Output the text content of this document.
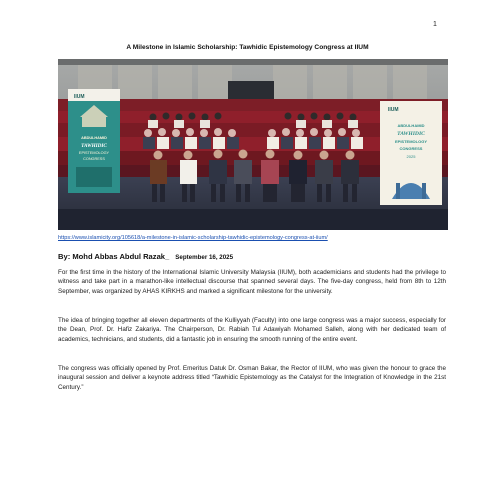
1
A Milestone in Islamic Scholarship: Tawhidic Epistemology Congress at IIUM
IIUM
ABDULHAMID
TAWHIDIC
EPISTEMOLOGY
CONGRESS
IIUM
ABDULHAMID
TAWHIDIC
EPISTEMOLOGY
CONGRESS
2025
https://www.islamicity.org/105618/a-milestone-in-islamic-scholarship-tawhidic-epistemology-congress-at-iium/
By: Mohd Abbas Abdul Razak_ September 16, 2025
For the first time in the history of the International Islamic University Malaysia (IIUM), both academicians and students had the privilege to witness and take part in a marathon-like intellectual discourse that spanned several days. The five-day congress, held from 8th to 12th September, was organized by AHAS KIRKHS and marked a significant milestone for the university.
The idea of bringing together all eleven departments of the Kulliyyah (Faculty) into one large congress was a major success, especially for the Dean, Prof. Dr. Hafiz Zakariya. The Chairperson, Dr. Rabiah Tul Adawiyah Mohamed Salleh, along with her dedicated team of academics, technicians, and students, did a fantastic job in ensuring the smooth running of the entire event.
The congress was officially opened by Prof. Emeritus Datuk Dr. Osman Bakar, the Rector of IIUM, who was given the honour to grace the inaugural session and deliver a keynote address titled “Tawhidic Epistemology as the Catalyst for the Integration of Knowledge in the 21st Century.”
